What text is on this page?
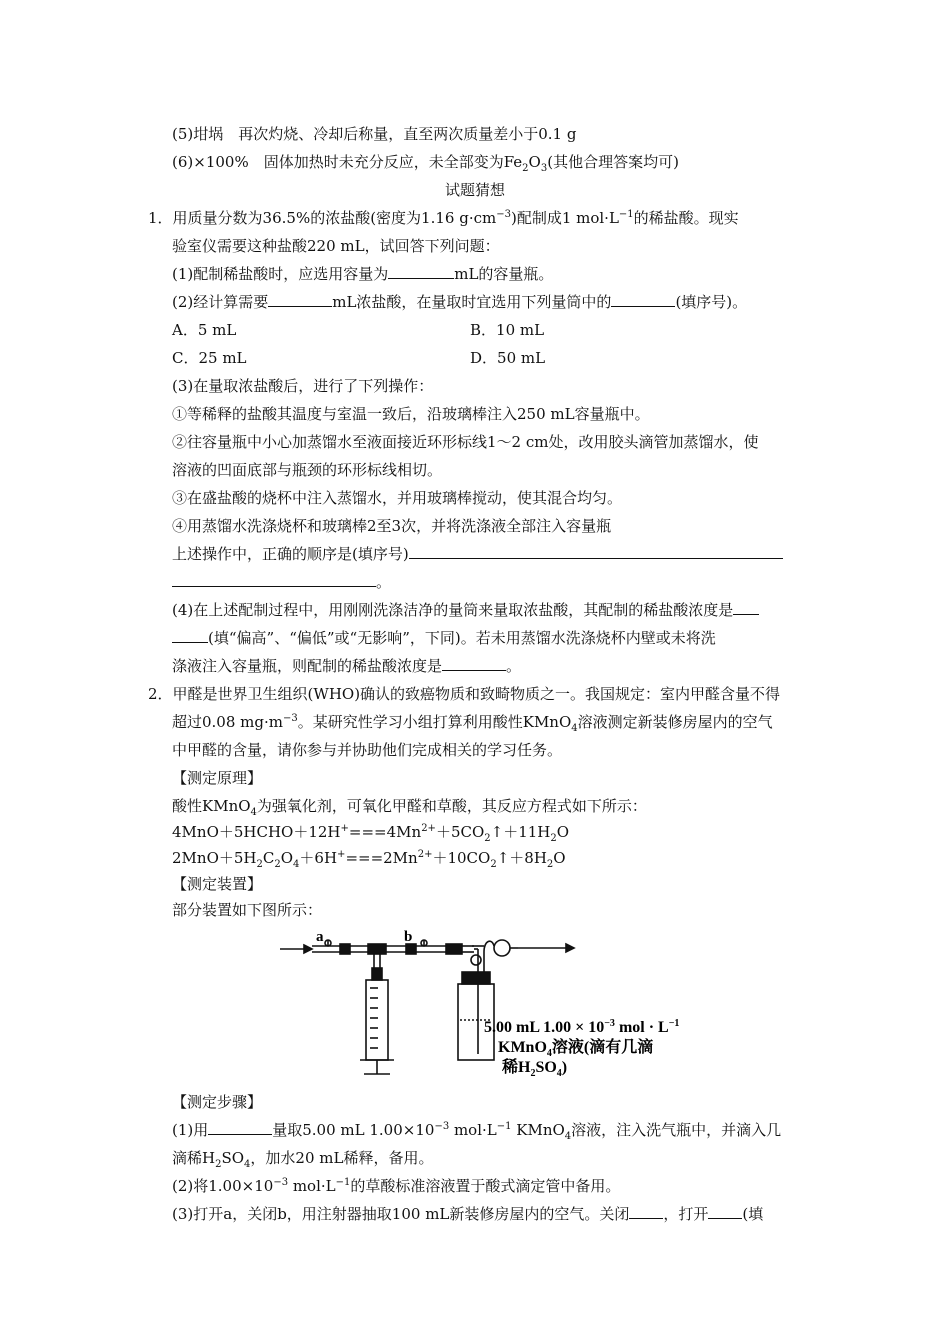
(5)坩埚　再次灼烧、冷却后称量，直至两次质量差小于0.1 g
(6)×100%　固体加热时未充分反应，未全部变为$Fe_2O_3$(其他合理答案均可)
试题猜想
1．用质量分数为36.5%的浓盐酸(密度为1.16 $g\cdot cm^{-3}$)配制成1 $mol\cdot L^{-1}$的稀盐酸。现实
验室仪需要这种盐酸220 mL，试回答下列问题：
(1)配制稀盐酸时，应选用容量为	mL的容量瓶。
(2)经计算需要	mL浓盐酸，在量取时宜选用下列量筒中的	(填序号)。
A．5 mL	B．10 mL
C．25 mL	D．50 mL
(3)在量取浓盐酸后，进行了下列操作：
①等稀释的盐酸其温度与室温一致后，沿玻璃棒注入250 mL容量瓶中。
②往容量瓶中小心加蒸馏水至液面接近环形标线1～2 cm处，改用胶头滴管加蒸馏水，使
溶液的凹面底部与瓶颈的环形标线相切。
③在盛盐酸的烧杯中注入蒸馏水，并用玻璃棒搅动，使其混合均匀。
④用蒸馏水洗涤烧杯和玻璃棒2至3次，并将洗涤液全部注入容量瓶
上述操作中，正确的顺序是(填序号)
。
(4)在上述配制过程中，用刚刚洗涤洁净的量筒来量取浓盐酸，其配制的稀盐酸浓度是
(填“偏高”、“偏低”或“无影响”，下同)。若未用蒸馏水洗涤烧杯内壁或未将洗
涤液注入容量瓶，则配制的稀盐酸浓度是	。
2．甲醛是世界卫生组织(WHO)确认的致癌物质和致畸物质之一。我国规定：室内甲醛含量不得
超过0.08 $mg\cdot m^{-3}$。某研究性学习小组打算利用酸性KMnO$_4$溶液测定新装修房屋内的空气
中甲醛的含量，请你参与并协助他们完成相关的学习任务。
【测定原理】
酸性KMnO$_4$为强氧化剂，可氧化甲醛和草酸，其反应方程式如下所示：
$4MnO+5HCHO+12H^+===4Mn^{2+}+5CO_2↑+11H_2O$
$2MnO+5H_2C_2O_4+6H^+===2Mn^{2+}+10CO_2↑+8H_2O$
【测定装置】
部分装置如下图所示：
a	b
5.00 mL $1.00 \times 10^{-3}$ mol · $L^{-1}$
KMnO$_4$溶液(滴有几滴
稀$H_2SO_4$)
【测定步骤】
(1)用	量取5.00 mL $1.00\times 10^{-3}$ $mol\cdot L^{-1}$ KMnO$_4$溶液，注入洗气瓶中，并滴入几
滴稀$H_2SO_4$，加水20 mL稀释，备用。
(2)将$1.00\times 10^{-3}$ $mol\cdot L^{-1}$的草酸标准溶液置于酸式滴定管中备用。
(3)打开a，关闭b，用注射器抽取100 mL新装修房屋内的空气。关闭 ，打开 (填
